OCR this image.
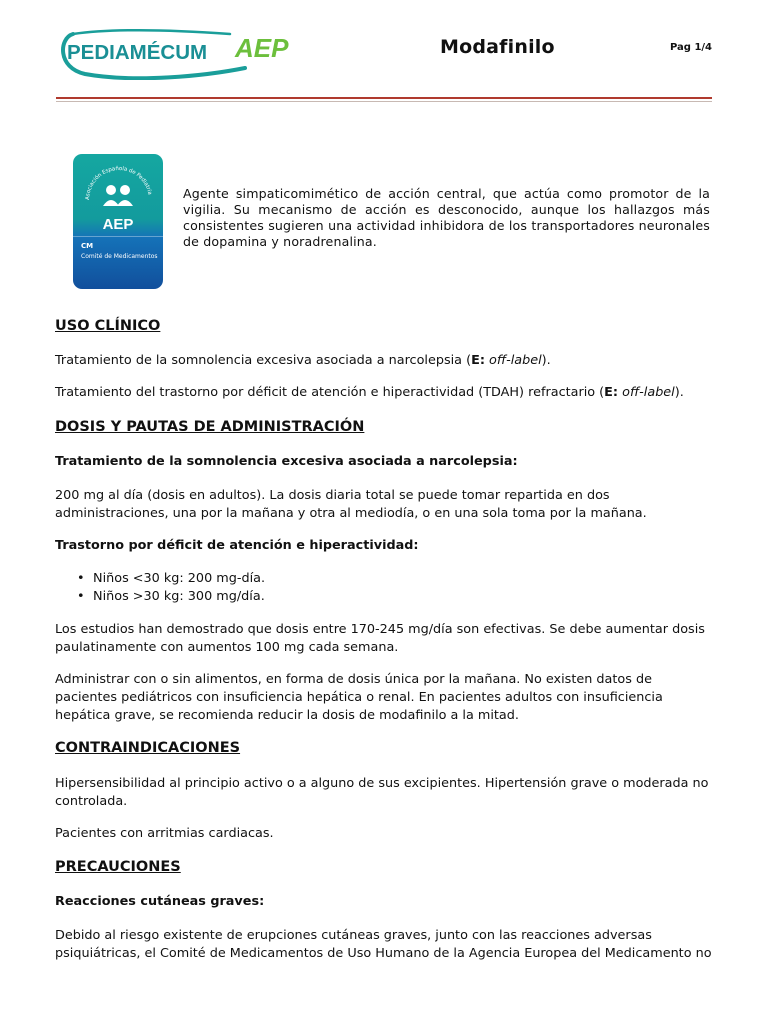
PEDIAMÉCUM AEP	Modafinilo	Pag 1/4
Asociación Española de Pediatría
AEP
CM
Comité de Medicamentos
Agente simpaticomimético de acción central, que actúa como promotor de la vigilia. Su mecanismo de acción es desconocido, aunque los hallazgos más consistentes sugieren una actividad inhibidora de los transportadores neuronales de dopamina y noradrenalina.
USO CLÍNICO

Tratamiento de la somnolencia excesiva asociada a narcolepsia (E: off-label).

Tratamiento del trastorno por déficit de atención e hiperactividad (TDAH) refractario (E: off-label).

DOSIS Y PAUTAS DE ADMINISTRACIÓN

Tratamiento de la somnolencia excesiva asociada a narcolepsia:

200 mg al día (dosis en adultos). La dosis diaria total se puede tomar repartida en dos administraciones, una por la mañana y otra al mediodía, o en una sola toma por la mañana.

Trastorno por déficit de atención e hiperactividad:

• Niños <30 kg: 200 mg-día.
• Niños >30 kg: 300 mg/día.

Los estudios han demostrado que dosis entre 170-245 mg/día son efectivas. Se debe aumentar dosis paulatinamente con aumentos 100 mg cada semana.

Administrar con o sin alimentos, en forma de dosis única por la mañana. No existen datos de pacientes pediátricos con insuficiencia hepática o renal. En pacientes adultos con insuficiencia hepática grave, se recomienda reducir la dosis de modafinilo a la mitad.

CONTRAINDICACIONES

Hipersensibilidad al principio activo o a alguno de sus excipientes. Hipertensión grave o moderada no controlada.

Pacientes con arritmias cardiacas.

PRECAUCIONES

Reacciones cutáneas graves:

Debido al riesgo existente de erupciones cutáneas graves, junto con las reacciones adversas psiquiátricas, el Comité de Medicamentos de Uso Humano de la Agencia Europea del Medicamento no
